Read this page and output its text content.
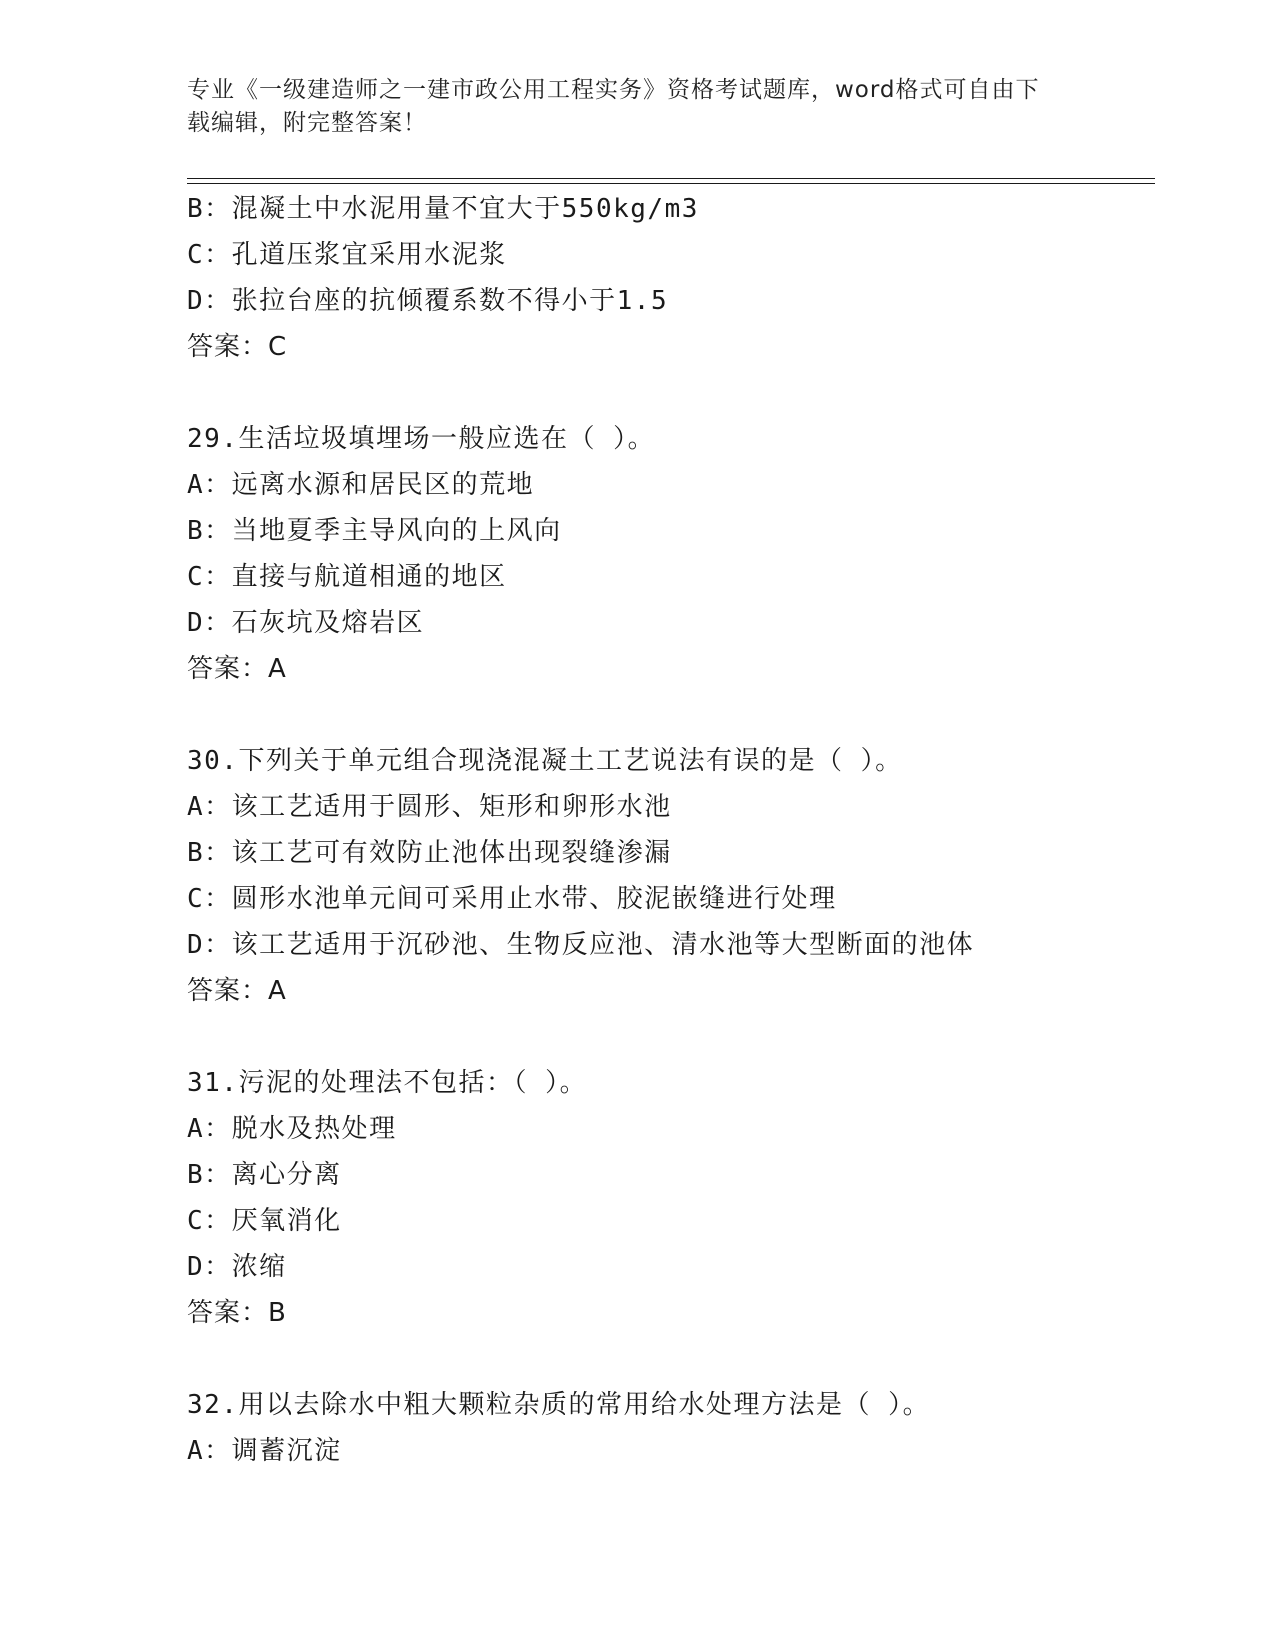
专业《一级建造师之一建市政公用工程实务》资格考试题库，word格式可自由下
载编辑，附完整答案！
B：混凝土中水泥用量不宜大于550kg/m3
C：孔道压浆宜采用水泥浆
D：张拉台座的抗倾覆系数不得小于1.5
答案：C
29.生活垃圾填埋场一般应选在（ ）。
A：远离水源和居民区的荒地
B：当地夏季主导风向的上风向
C：直接与航道相通的地区
D：石灰坑及熔岩区
答案：A
30.下列关于单元组合现浇混凝土工艺说法有误的是（ ）。
A：该工艺适用于圆形、矩形和卵形水池
B：该工艺可有效防止池体出现裂缝渗漏
C：圆形水池单元间可采用止水带、胶泥嵌缝进行处理
D：该工艺适用于沉砂池、生物反应池、清水池等大型断面的池体
答案：A
31.污泥的处理法不包括：（ ）。
A：脱水及热处理
B：离心分离
C：厌氧消化
D：浓缩
答案：B
32.用以去除水中粗大颗粒杂质的常用给水处理方法是（ ）。
A：调蓄沉淀
